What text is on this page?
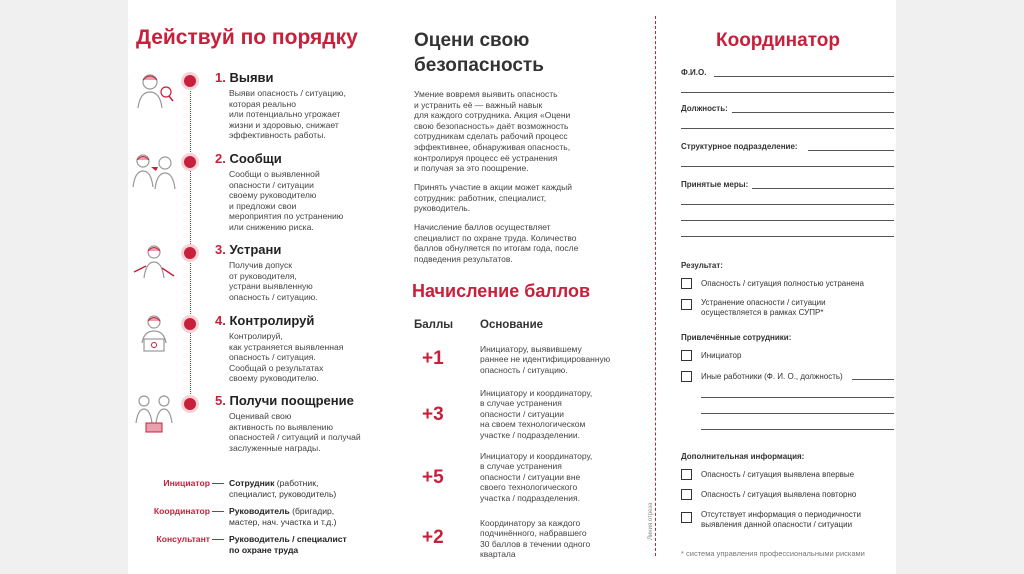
Действуй по порядку
1. Выяви
Выяви опасность / ситуацию,
которая реально
или потенциально угрожает
жизни и здоровью, снижает
эффективность работы.
2. Сообщи
Сообщи о выявленной
опасности / ситуации
своему руководителю
и предложи свои
мероприятия по устранению
или снижению риска.
3. Устрани
Получив допуск
от руководителя,
устрани выявленную
опасность / ситуацию.
4. Контролируй
Контролируй,
как устраняется выявленная
опасность / ситуация.
Сообщай о результатах
своему руководителю.
5. Получи поощрение
Оценивай свою
активность по выявлению
опасностей / ситуаций и получай
заслуженные награды.
Инициатор Сотрудник (работник,
специалист, руководитель)
Координатор Руководитель (бригадир,
мастер, нач. участка и т.д.)
Консультант Руководитель / специалист
по охране труда
Оцени свою
безопасность
Умение вовремя выявить опасность
и устранить её — важный навык
для каждого сотрудника. Акция «Оцени
свою безопасность» даёт возможность
сотрудникам сделать рабочий процесс
эффективнее, обнаруживая опасность,
контролируя процесс её устранения
и получая за это поощрение.
Принять участие в акции может каждый
сотрудник: работник, специалист,
руководитель.
Начисление баллов осуществляет
специалист по охране труда. Количество
баллов обнуляется по итогам года, после
подведения результатов.
Начисление баллов
Баллы Основание
+1	Инициатору, выявившему
раннее не идентифицированную
опасность / ситуацию.
+3
Инициатору и координатору,
в случае устранения
опасности / ситуации
на своем технологическом
участке / подразделении.
+5
Инициатору и координатору,
в случае устранения
опасности / ситуации вне
своего технологического
участка / подразделения.
+2
Координатору за каждого
подчинённого, набравшего
30 баллов в течении одного
квартала
Линия отреза
Координатор
Ф.И.О.
Должность:
Структурное подразделение:
Принятые меры:
Результат:
Опасность / ситуация полностью устранена
Устранение опасности / ситуации
осуществляется в рамках СУПР*
Привлечённые сотрудники:
Инициатор
Иные работники (Ф. И. О., должность)
Дополнительная информация:
Опасность / ситуация выявлена впервые
Опасность / ситуация выявлена повторно
Отсутствует информация о периодичности
выявления данной опасности / ситуации
* система управления профессиональными рисками
